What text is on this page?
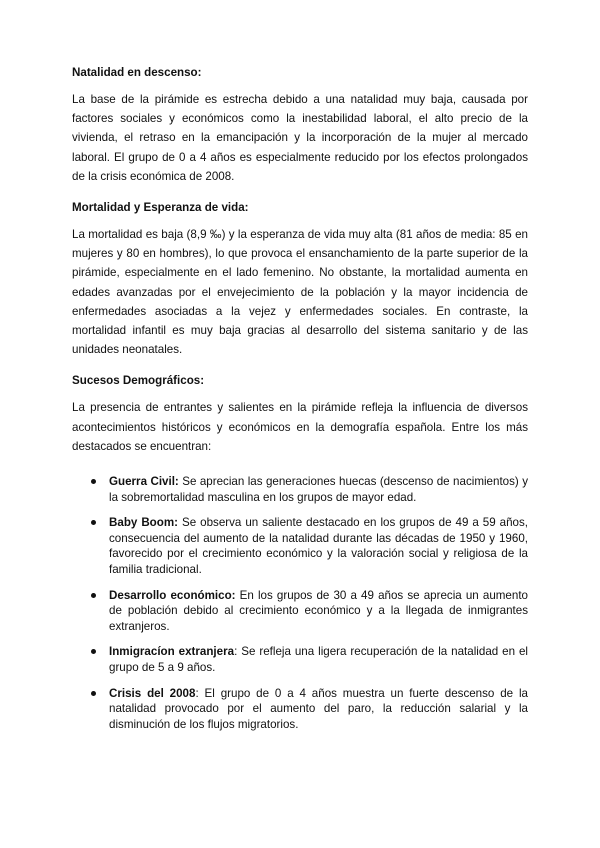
Natalidad en descenso:

La base de la pirámide es estrecha debido a una natalidad muy baja, causada por factores sociales y económicos como la inestabilidad laboral, el alto precio de la vivienda, el retraso en la emancipación y la incorporación de la mujer al mercado laboral. El grupo de 0 a 4 años es especialmente reducido por los efectos prolongados de la crisis económica de 2008.

Mortalidad y Esperanza de vida:

La mortalidad es baja (8,9 ‰) y la esperanza de vida muy alta (81 años de media: 85 en mujeres y 80 en hombres), lo que provoca el ensanchamiento de la parte superior de la pirámide, especialmente en el lado femenino. No obstante, la mortalidad aumenta en edades avanzadas por el envejecimiento de la población y la mayor incidencia de enfermedades asociadas a la vejez y enfermedades sociales. En contraste, la mortalidad infantil es muy baja gracias al desarrollo del sistema sanitario y de las unidades neonatales.

Sucesos Demográficos:

La presencia de entrantes y salientes en la pirámide refleja la influencia de diversos acontecimientos históricos y económicos en la demografía española. Entre los más destacados se encuentran:

Guerra Civil: Se aprecian las generaciones huecas (descenso de nacimientos) y la sobremortalidad masculina en los grupos de mayor edad.
Baby Boom: Se observa un saliente destacado en los grupos de 49 a 59 años, consecuencia del aumento de la natalidad durante las décadas de 1950 y 1960, favorecido por el crecimiento económico y la valoración social y religiosa de la familia tradicional.
Desarrollo económico: En los grupos de 30 a 49 años se aprecia un aumento de población debido al crecimiento económico y a la llegada de inmigrantes extranjeros.
Inmigracíon extranjera: Se refleja una ligera recuperación de la natalidad en el grupo de 5 a 9 años.
Crisis del 2008: El grupo de 0 a 4 años muestra un fuerte descenso de la natalidad provocado por el aumento del paro, la reducción salarial y la disminución de los flujos migratorios.
